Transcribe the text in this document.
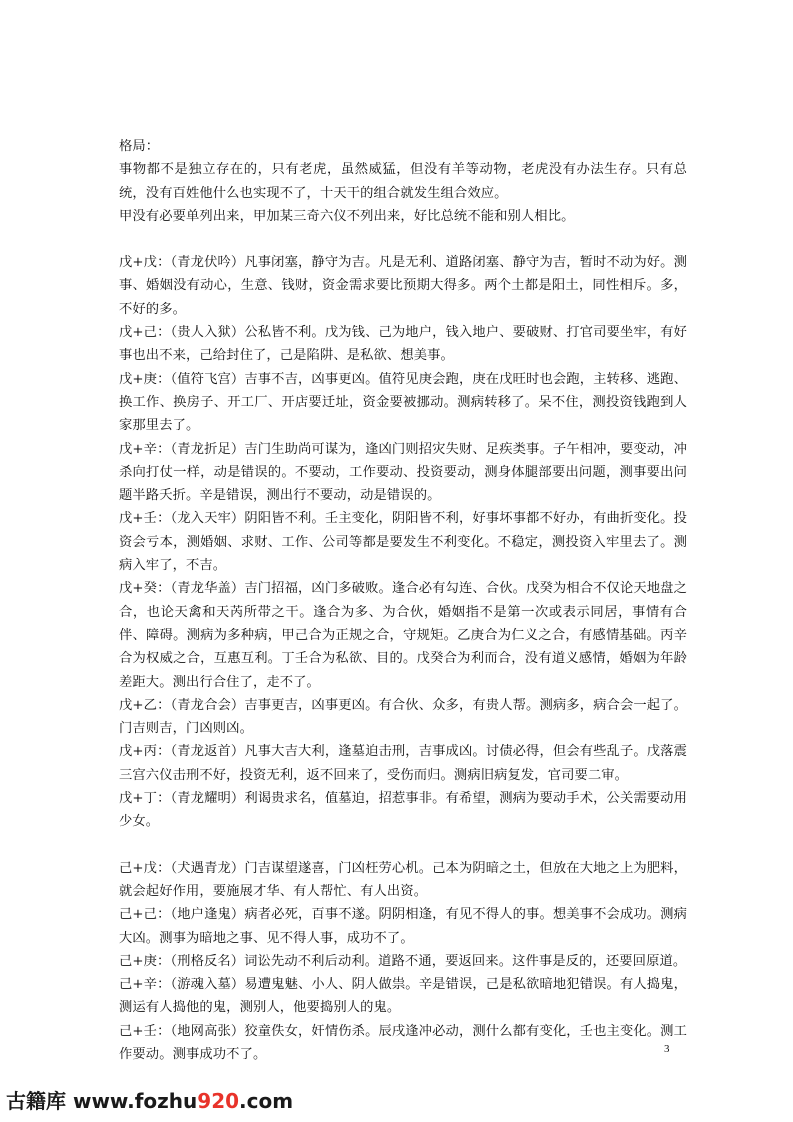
格局：

事物都不是独立存在的，只有老虎，虽然威猛，但没有羊等动物，老虎没有办法生存。只有总统，没有百姓他什么也实现不了，十天干的组合就发生组合效应。

甲没有必要单列出来，甲加某三奇六仪不列出来，好比总统不能和别人相比。

戊+戊：（青龙伏吟）凡事闭塞，静守为吉。凡是无利、道路闭塞、静守为吉，暂时不动为好。测事、婚姻没有动心，生意、钱财，资金需求要比预期大得多。两个土都是阳土，同性相斥。多，不好的多。

戊+己：（贵人入狱）公私皆不利。戊为钱、己为地户，钱入地户、要破财、打官司要坐牢，有好事也出不来，己给封住了，己是陷阱、是私欲、想美事。

戊+庚：（值符飞宫）吉事不吉，凶事更凶。值符见庚会跑，庚在戊旺时也会跑，主转移、逃跑、换工作、换房子、开工厂、开店要迁址，资金要被挪动。测病转移了。呆不住，测投资钱跑到人家那里去了。

戊+辛：（青龙折足）吉门生助尚可谋为，逢凶门则招灾失财、足疾类事。子午相冲，要变动，冲杀向打仗一样，动是错误的。不要动，工作要动、投资要动，测身体腿部要出问题，测事要出问题半路夭折。辛是错误，测出行不要动，动是错误的。

戊+壬：（龙入天牢）阴阳皆不利。壬主变化，阴阳皆不利，好事坏事都不好办，有曲折变化。投资会亏本，测婚姻、求财、工作、公司等都是要发生不利变化。不稳定，测投资入牢里去了。测病入牢了，不吉。

戊+癸：（青龙华盖）吉门招福，凶门多破败。逢合必有勾连、合伙。戊癸为相合不仅论天地盘之合，也论天禽和天芮所带之干。逢合为多、为合伙，婚姻指不是第一次或表示同居，事情有合伴、障碍。测病为多种病，甲己合为正规之合，守规矩。乙庚合为仁义之合，有感情基础。丙辛合为权威之合，互惠互利。丁壬合为私欲、目的。戊癸合为利而合，没有道义感情，婚姻为年龄差距大。测出行合住了，走不了。

戊+乙：（青龙合会）吉事更吉，凶事更凶。有合伙、众多，有贵人帮。测病多，病合会一起了。门吉则吉，门凶则凶。

戊+丙：（青龙返首）凡事大吉大利，逢墓迫击刑，吉事成凶。讨债必得，但会有些乱子。戊落震三宫六仪击刑不好，投资无利，返不回来了，受伤而归。测病旧病复发，官司要二审。

戊+丁：（青龙耀明）利谒贵求名，值墓迫，招惹事非。有希望，测病为要动手术，公关需要动用少女。

己+戊：（犬遇青龙）门吉谋望遂喜，门凶枉劳心机。己本为阴暗之土，但放在大地之上为肥料，就会起好作用，要施展才华、有人帮忙、有人出资。

己+己：（地户逢鬼）病者必死，百事不遂。阴阴相逢，有见不得人的事。想美事不会成功。测病大凶。测事为暗地之事、见不得人事，成功不了。

己+庚：（刑格反名）词讼先动不利后动利。道路不通，要返回来。这件事是反的，还要回原道。

己+辛：（游魂入墓）易遭鬼魅、小人、阴人做祟。辛是错误，己是私欲暗地犯错误。有人捣鬼，测运有人捣他的鬼，测别人，他要捣别人的鬼。

己+壬：（地网高张）狡童佚女，奸情伤杀。辰戌逢冲必动，测什么都有变化，壬也主变化。测工作要动。测事成功不了。	3
古籍库 www.fozhu920.com
